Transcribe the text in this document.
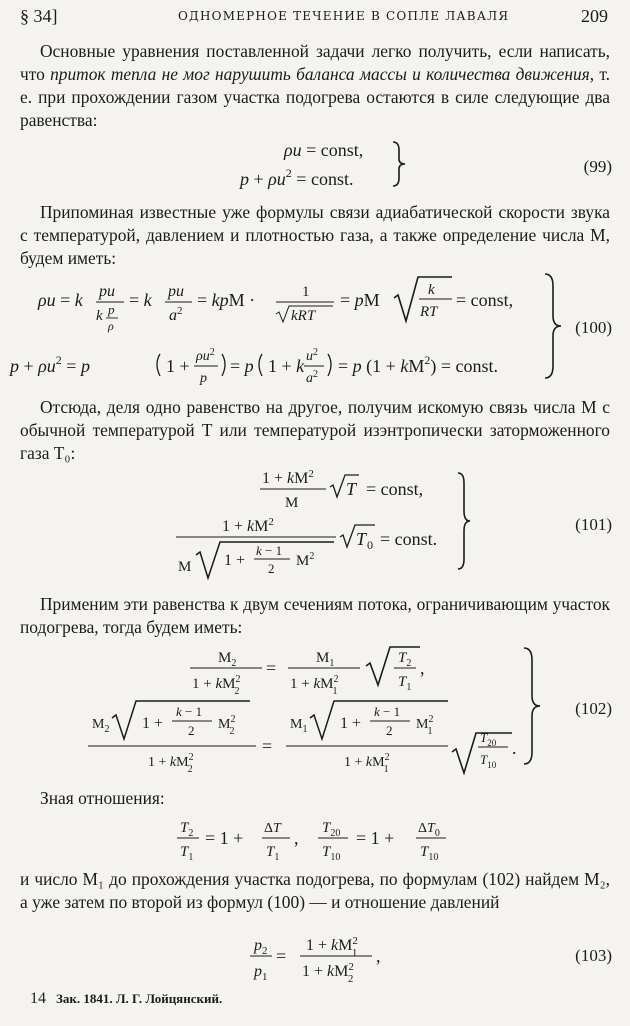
§ 34]	ОДНОМЕРНОЕ ТЕЧЕНИЕ В СОПЛЕ ЛАВАЛЯ	209
Основные уравнения поставленной задачи легко получить, если написать, что приток тепла не мог нарушить баланса массы и количества движения, т. е. при прохождении газом участка подогрева остаются в силе следующие два равенства:
ρu = const,
$p + \rho u^2$ = const.
(99)
Припоминая известные уже формулы связи адиабатической скорости звука с температурой, давлением и плотностью газа, а также определение числа M, будем иметь:
ρu = k pu
k p
ρ
= k pu
$a^2$
= kpM ·	1
kRT
= pM	k
RT
= const,
$p + \rho u^2 = p$	$1 + \rho u^2$
p
= p 1 + k $u^2$
$a^2 = p$ $(1 + kM^2)$ = const.
(100)
Отсюда, деля одно равенство на другое, получим искомую связь числа M с обычной температурой T или температурой изэнтропически заторможенного газа T₀:
$1 + kM^2$
M
T = const,
$1 + kM^2$
M 1 +
k − 1
2 $M^2$
T 0 = const.
(101)
Применим эти равенства к двум сечениям потока, ограничивающим участок подогрева, тогда будем иметь:
$M_2$
$1 + kM^2$ 2
=	$M_1$
$1 + kM^2$ 1
$T_2$
$T_1$
,
$M_2$ 1 +
k − 1
2 $M^2$ 2
$1 + kM^2$ 2
=
$M_1$ 1 +
k − 1
2 $M^2$ 1
$1 + kM^2$ 1
$T_{20}$
$T_{10}$
.
(102)
Зная отношения:
$T_2$
$T_1$
= 1 + ΔT
$T_1$
, $T_{20}$
$T_{10}$
= $1 + \Delta T_0$
$T_{10}$
и число M₁ до прохождения участка подогрева, по формулам (102) найдем M₂, а уже затем по второй из формул (100) — и отношение давлений
$p_2$
$p_1$
=
$1 + kM^2$ 1
$1 + kM^2$ 2
,	(103)
14 Зак. 1841. Л. Г. Лойцянский.
